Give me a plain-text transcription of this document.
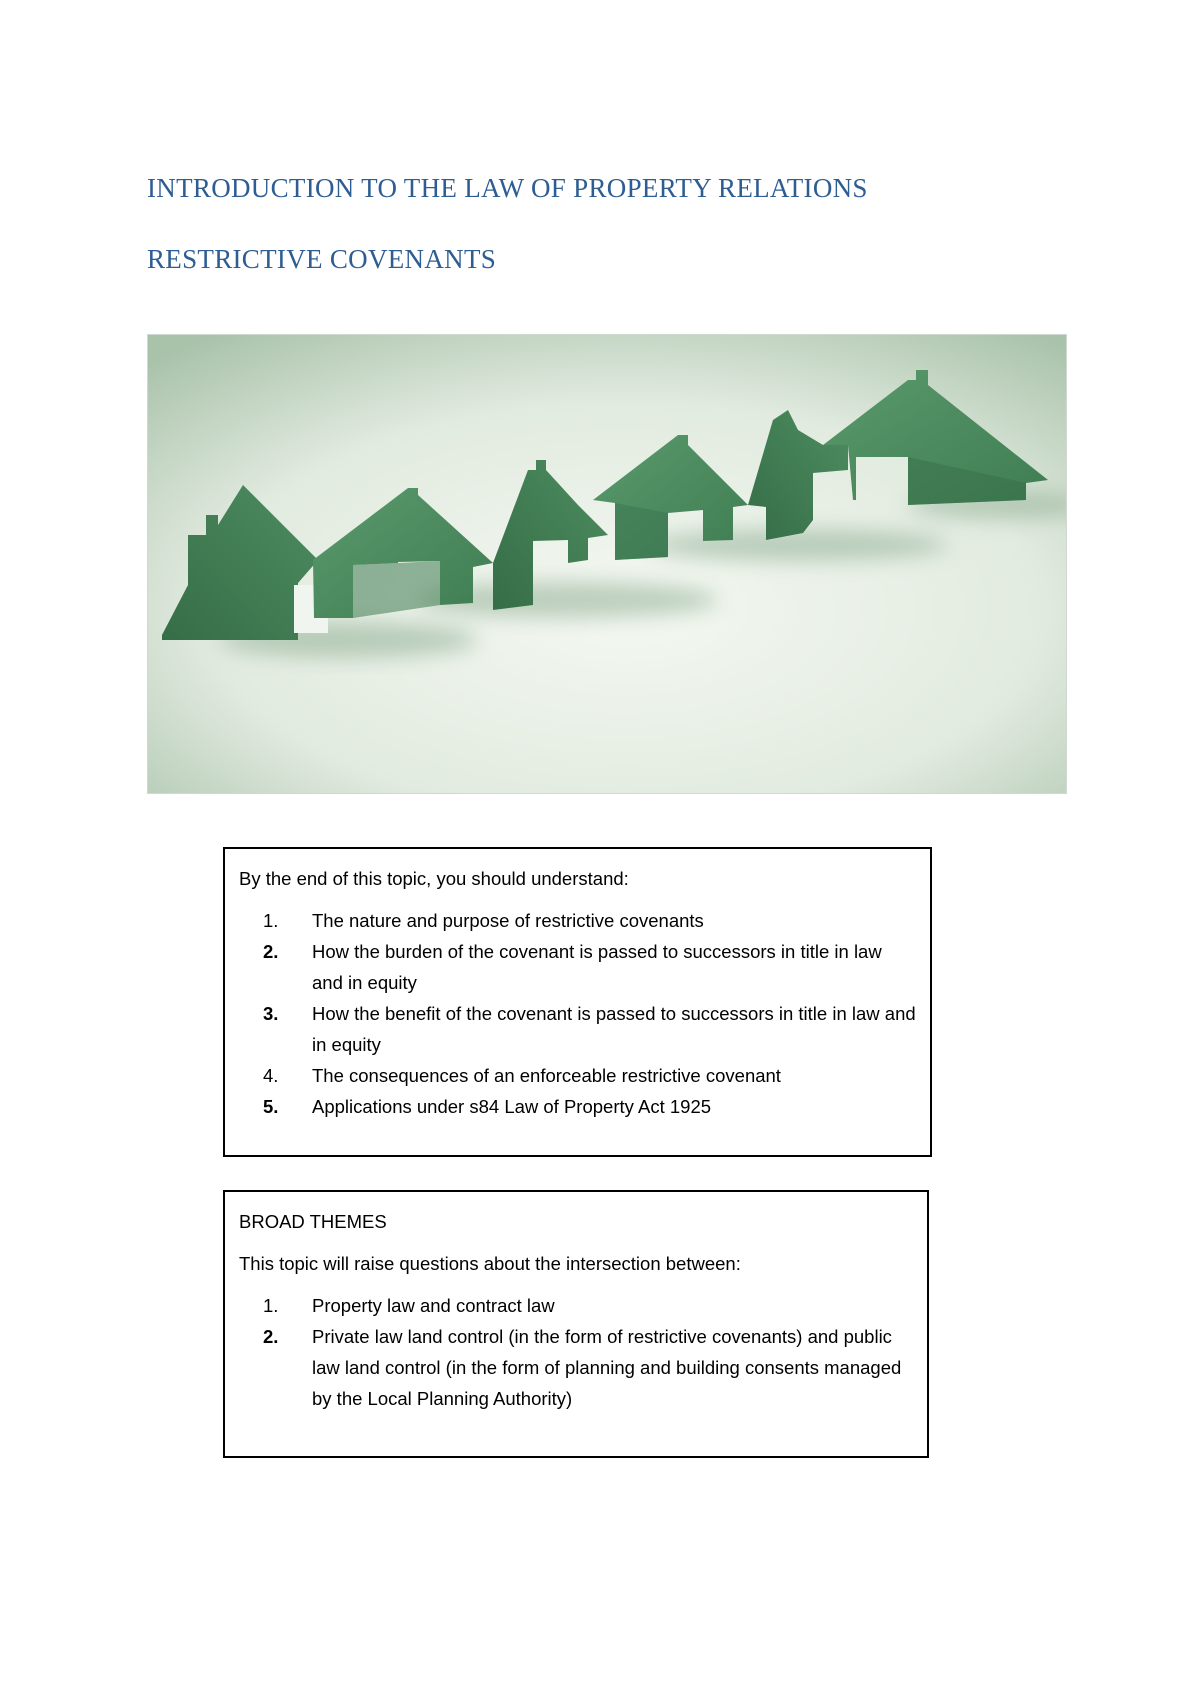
INTRODUCTION TO THE LAW OF PROPERTY RELATIONS
RESTRICTIVE COVENANTS

By the end of this topic, you should understand:

1. The nature and purpose of restrictive covenants
2. How the burden of the covenant is passed to successors in title in law and in equity
3. How the benefit of the covenant is passed to successors in title in law and in equity
4. The consequences of an enforceable restrictive covenant
5. Applications under s84 Law of Property Act 1925

BROAD THEMES

This topic will raise questions about the intersection between:

1. Property law and contract law
2. Private law land control (in the form of restrictive covenants) and public law land control (in the form of planning and building consents managed by the Local Planning Authority)
